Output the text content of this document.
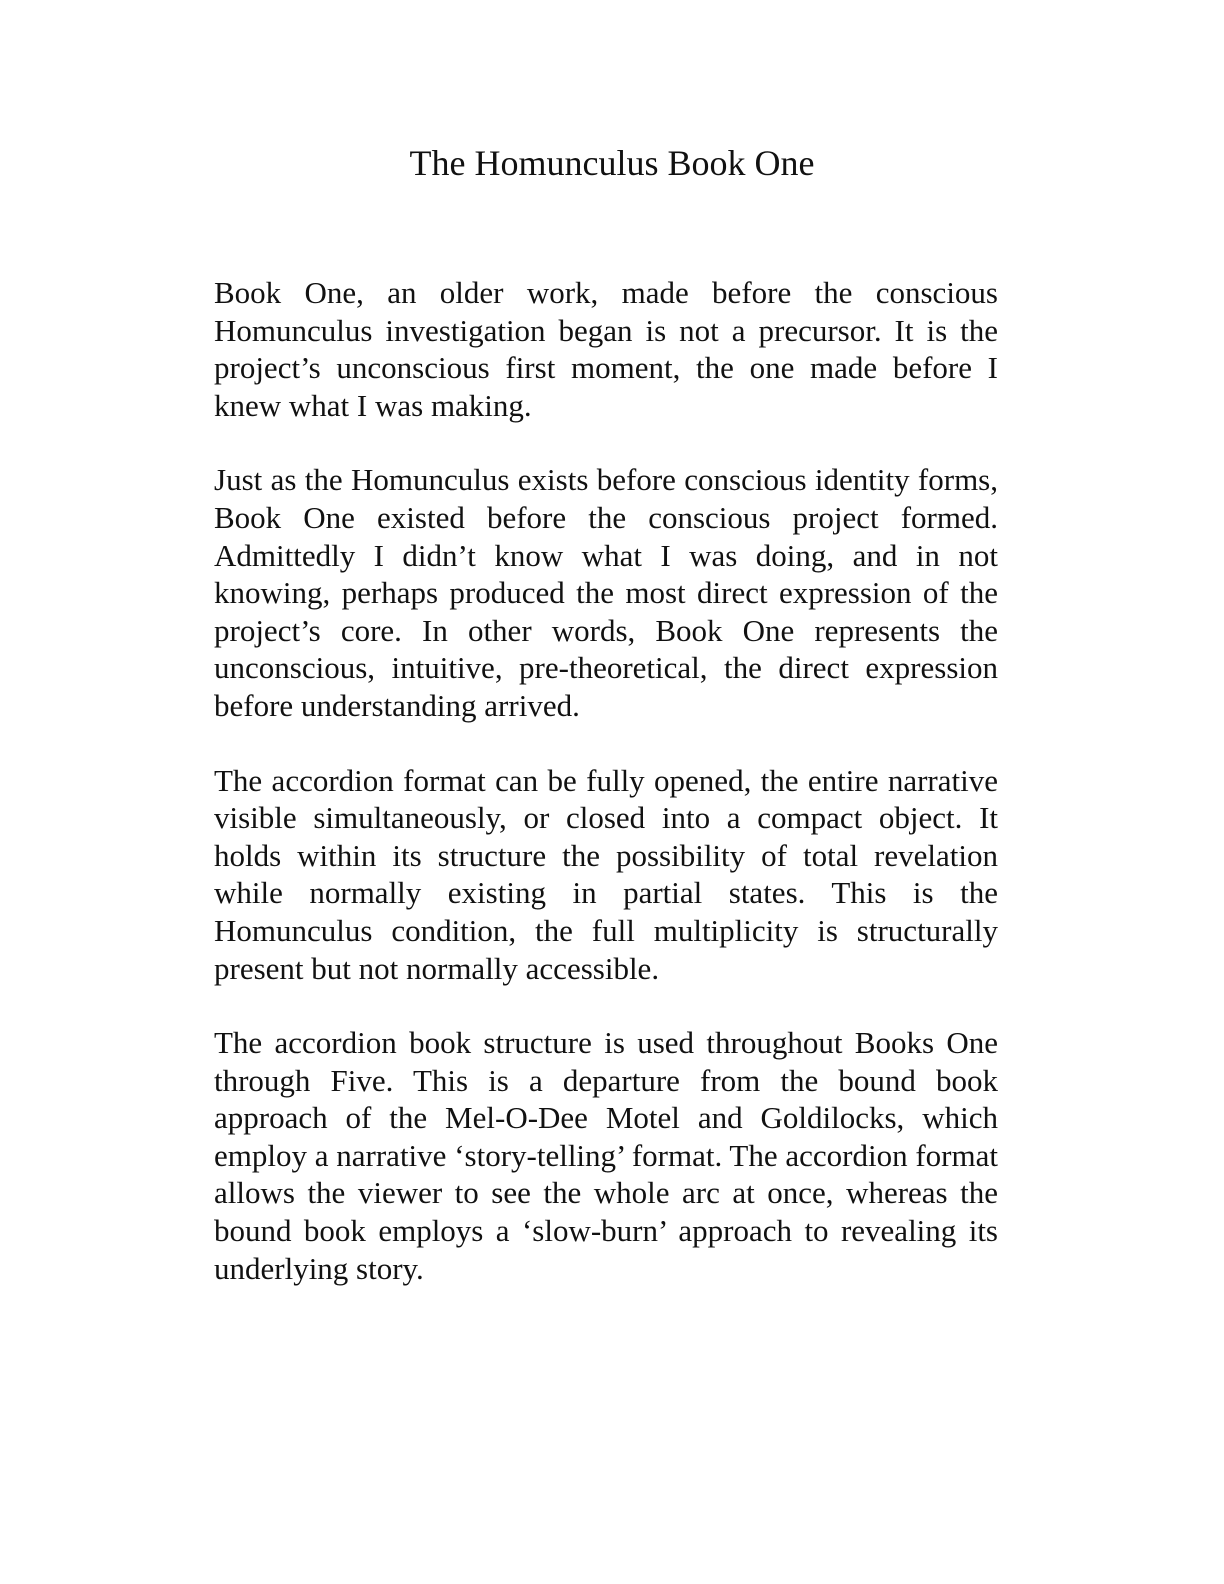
The Homunculus Book One

Book One, an older work, made before the conscious Homunculus investigation began is not a precursor. It is the project’s unconscious first moment, the one made before I knew what I was making.

Just as the Homunculus exists before conscious identity forms, Book One existed before the conscious project formed. Admittedly I didn’t know what I was doing, and in not knowing, perhaps produced the most direct expression of the project’s core. In other words, Book One represents the unconscious, intuitive, pre-theoretical, the direct expression before understanding arrived.

The accordion format can be fully opened, the entire narrative visible simultaneously, or closed into a compact object. It holds within its structure the possibility of total revelation while normally existing in partial states. This is the Homunculus condition, the full multiplicity is structurally present but not normally accessible.

The accordion book structure is used throughout Books One through Five. This is a departure from the bound book approach of the Mel-O-Dee Motel and Goldilocks, which employ a narrative ‘story-telling’ format. The accordion format allows the viewer to see the whole arc at once, whereas the bound book employs a ‘slow-burn’ approach to revealing its underlying story.
